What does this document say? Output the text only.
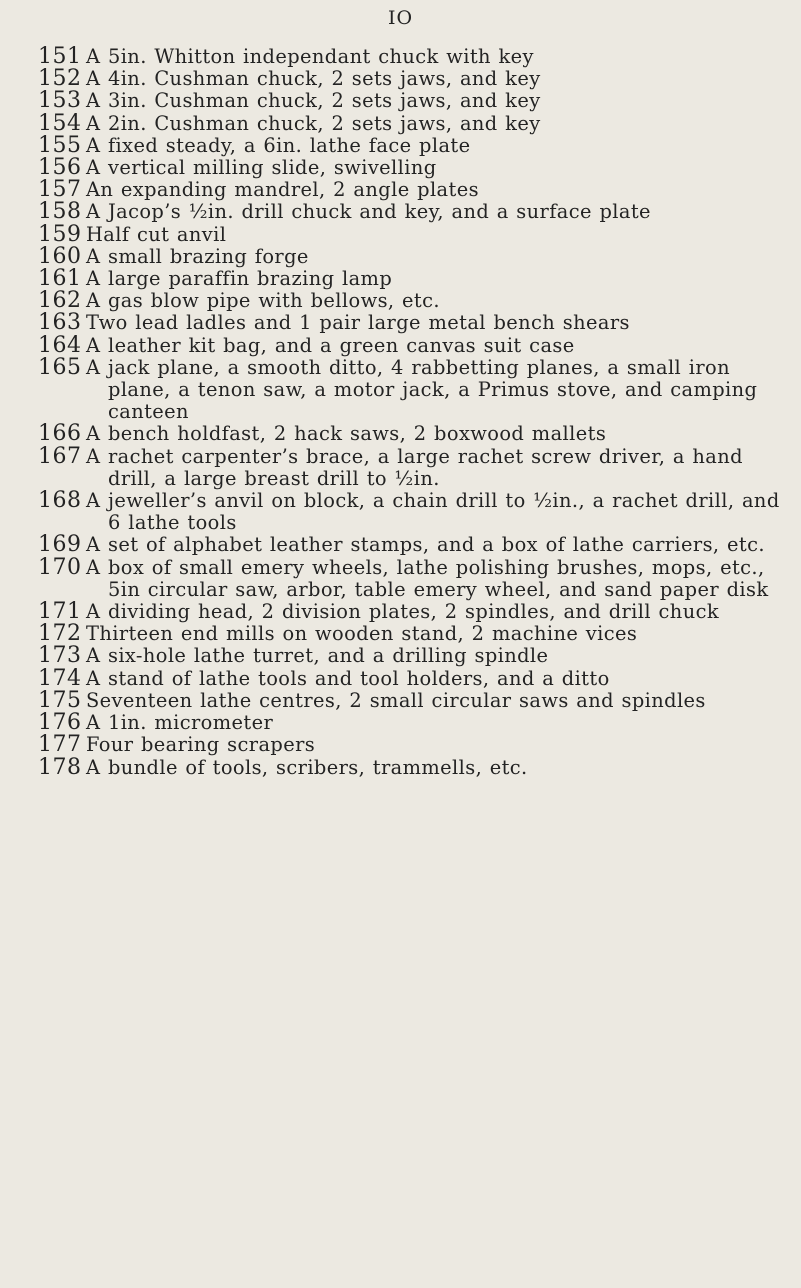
IO
151 A 5in. Whitton independant chuck with key
152 A 4in. Cushman chuck, 2 sets jaws, and key
153 A 3in. Cushman chuck, 2 sets jaws, and key
154 A 2in. Cushman chuck, 2 sets jaws, and key
155 A fixed steady, a 6in. lathe face plate
156 A vertical milling slide, swivelling
157 An expanding mandrel, 2 angle plates
158 A Jacop’s ½in. drill chuck and key, and a surface plate
159 Half cut anvil
160 A small brazing forge
161 A large paraffin brazing lamp
162 A gas blow pipe with bellows, etc.
163 Two lead ladles and 1 pair large metal bench shears
164 A leather kit bag, and a green canvas suit case
165 A jack plane, a smooth ditto, 4 rabbetting planes, a small iron plane, a tenon saw, a motor jack, a Primus stove, and camping canteen
166 A bench holdfast, 2 hack saws, 2 boxwood mallets
167 A rachet carpenter’s brace, a large rachet screw driver, a hand drill, a large breast drill to ½in.
168 A jeweller’s anvil on block, a chain drill to ½in., a rachet drill, and 6 lathe tools
169 A set of alphabet leather stamps, and a box of lathe carriers, etc.
170 A box of small emery wheels, lathe polishing brushes, mops, etc., 5in circular saw, arbor, table emery wheel, and sand paper disk
171 A dividing head, 2 division plates, 2 spindles, and drill chuck
172 Thirteen end mills on wooden stand, 2 machine vices
173 A six-hole lathe turret, and a drilling spindle
174 A stand of lathe tools and tool holders, and a ditto
175 Seventeen lathe centres, 2 small circular saws and spindles
176 A 1in. micrometer
177 Four bearing scrapers
178 A bundle of tools, scribers, trammells, etc.
